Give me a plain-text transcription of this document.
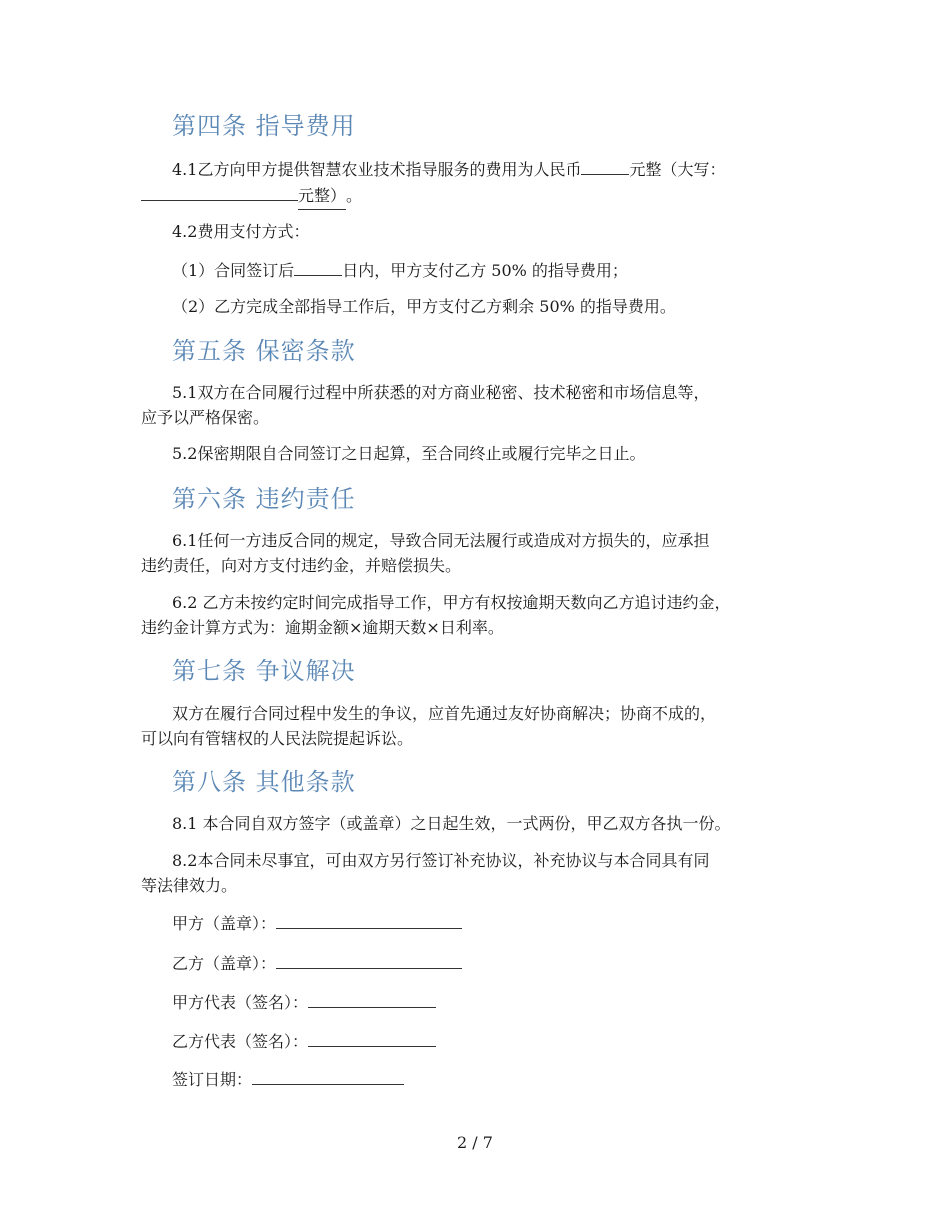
第四条 指导费用
4.1乙方向甲方提供智慧农业技术指导服务的费用为人民币	元整（大写：
元整）。
4.2费用支付方式：
（1）合同签订后	日内，甲方支付乙方 50% 的指导费用；
（2）乙方完成全部指导工作后，甲方支付乙方剩余 50% 的指导费用。
第五条 保密条款
5.1双方在合同履行过程中所获悉的对方商业秘密、技术秘密和市场信息等，
应予以严格保密。
5.2保密期限自合同签订之日起算，至合同终止或履行完毕之日止。
第六条 违约责任
6.1任何一方违反合同的规定，导致合同无法履行或造成对方损失的，应承担
违约责任，向对方支付违约金，并赔偿损失。
6.2 乙方未按约定时间完成指导工作，甲方有权按逾期天数向乙方追讨违约金，
违约金计算方式为：逾期金额×逾期天数×日利率。
第七条 争议解决
双方在履行合同过程中发生的争议，应首先通过友好协商解决；协商不成的，
可以向有管辖权的人民法院提起诉讼。
第八条 其他条款
8.1 本合同自双方签字（或盖章）之日起生效，一式两份，甲乙双方各执一份。
8.2本合同未尽事宜，可由双方另行签订补充协议，补充协议与本合同具有同
等法律效力。
甲方（盖章）：
乙方（盖章）：
甲方代表（签名）：
乙方代表（签名）：
签订日期：
2 / 7
